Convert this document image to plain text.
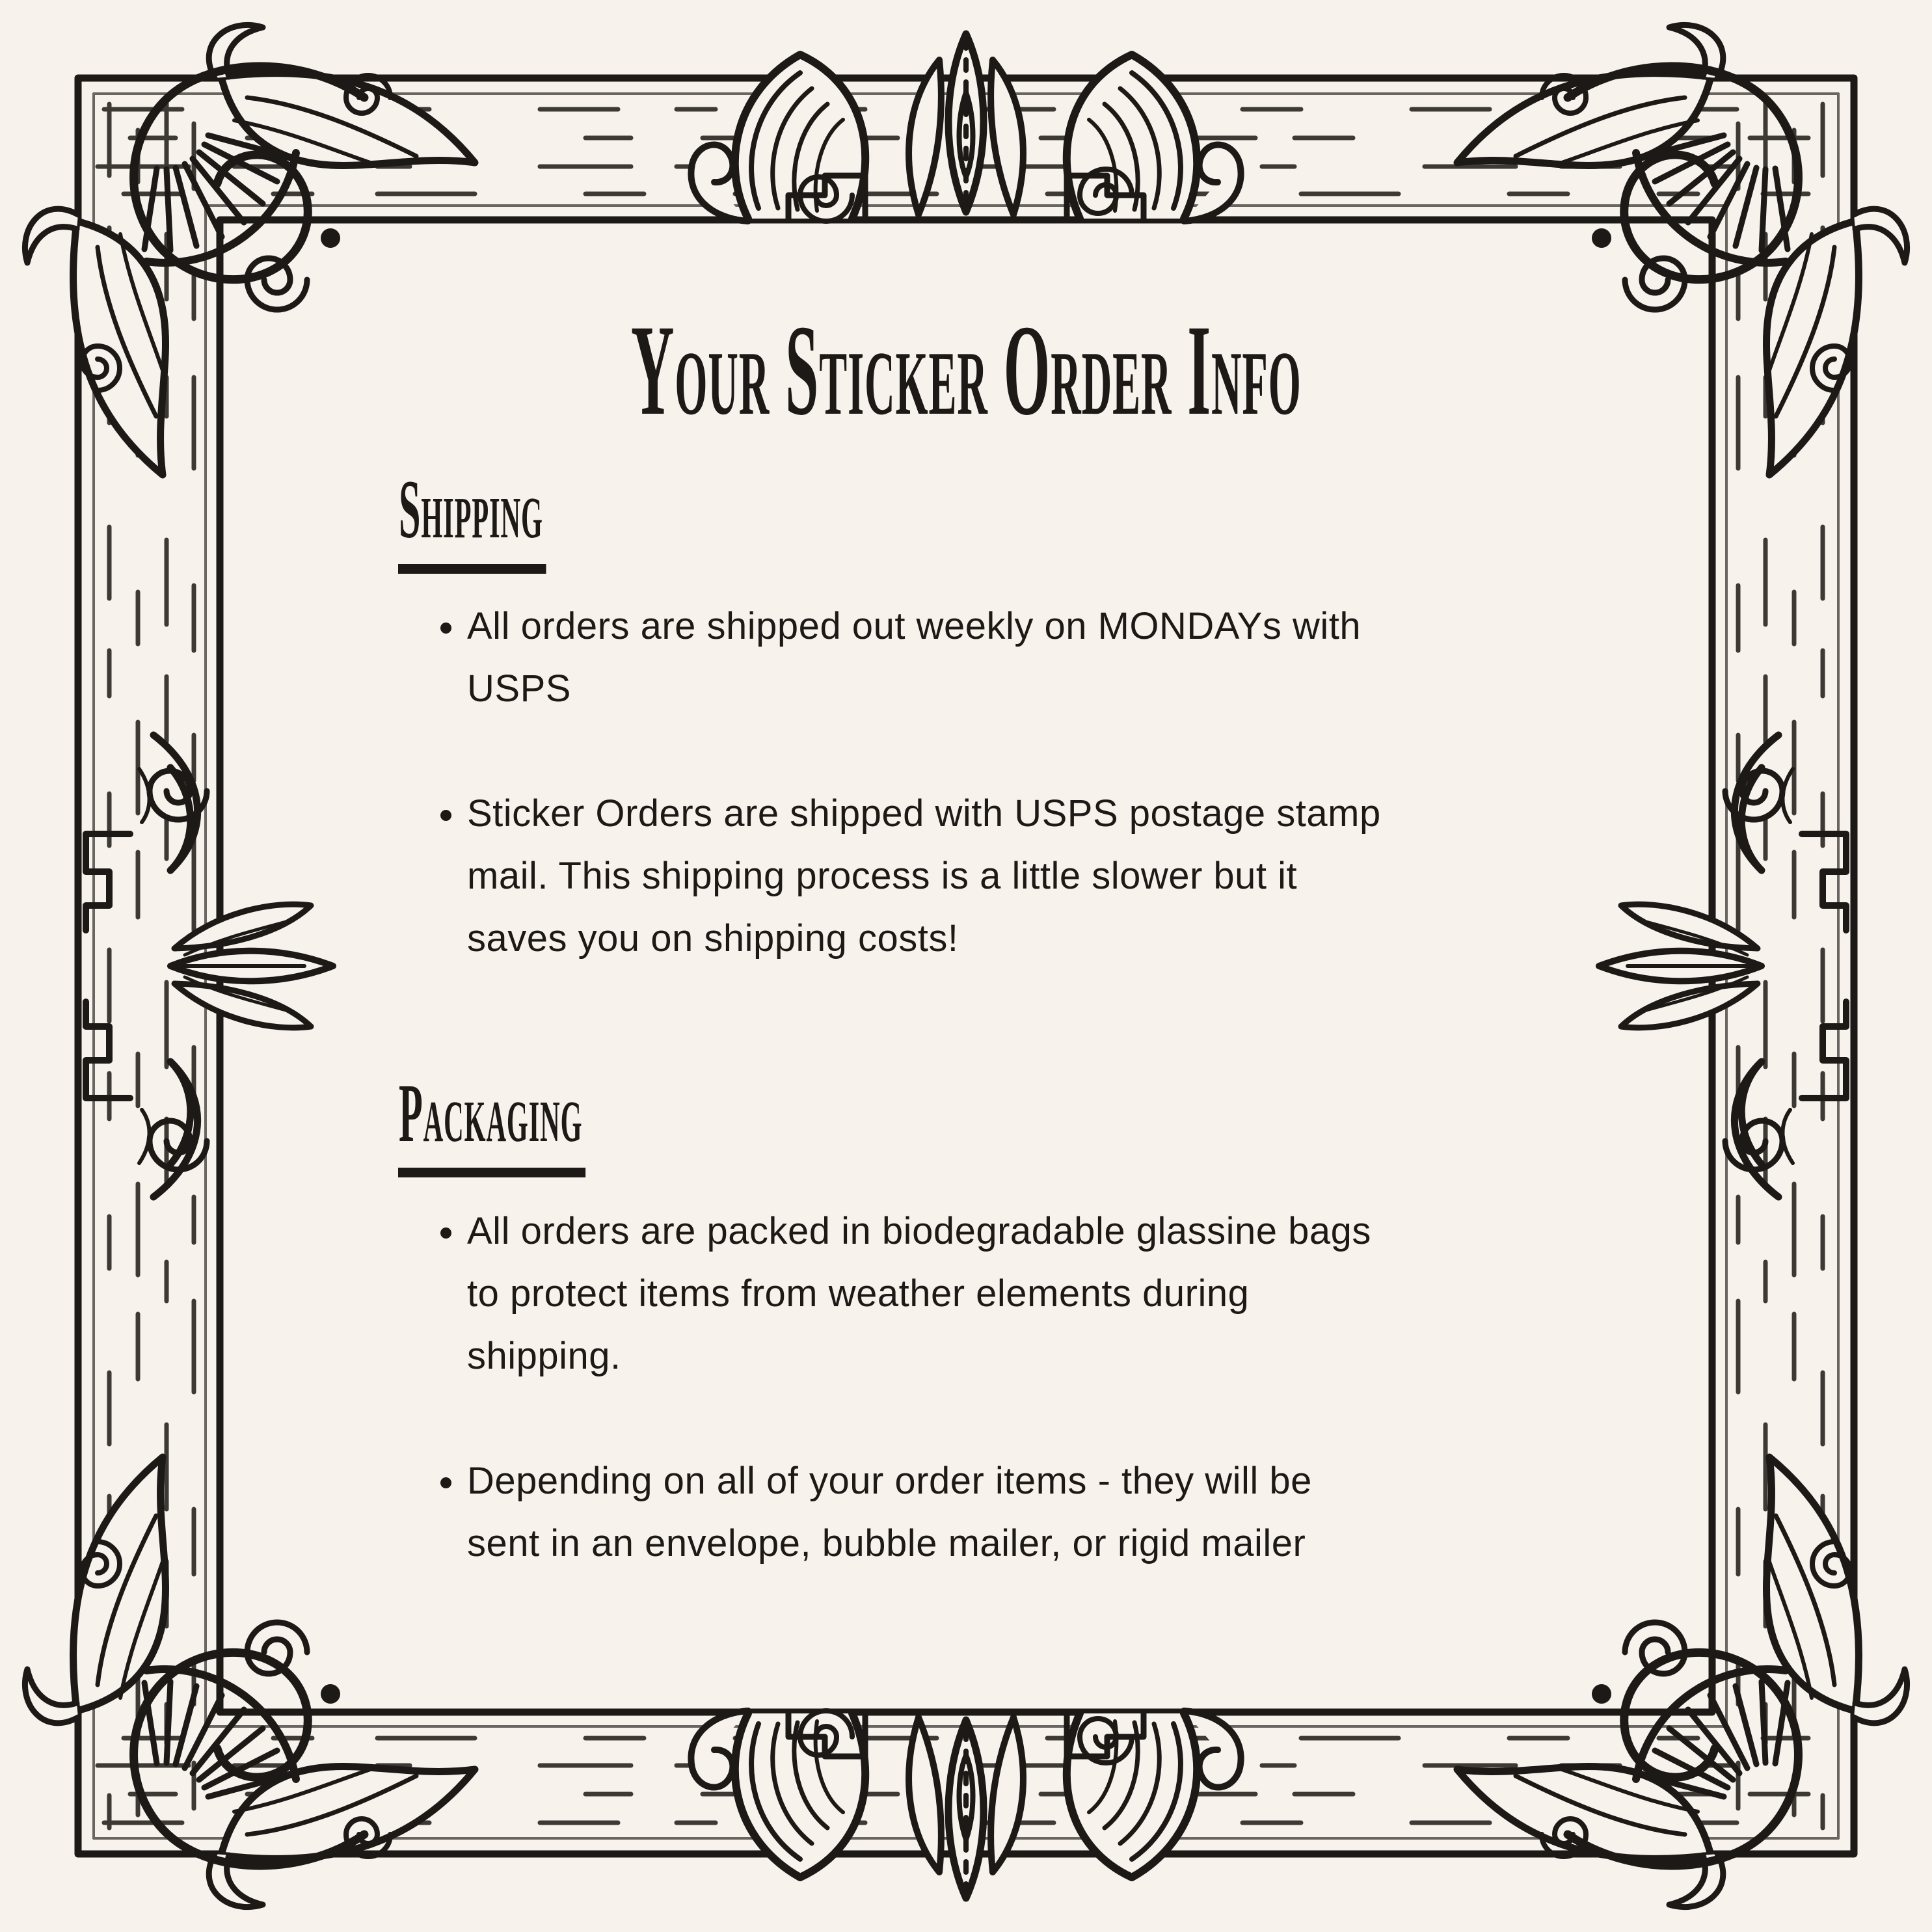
Your Sticker Order Info
Shipping
• All orders are shipped out weekly on MONDAYs with
USPS
• Sticker Orders are shipped with USPS postage stamp
mail. This shipping process is a little slower but it
saves you on shipping costs!
Packaging
• All orders are packed in biodegradable glassine bags
to protect items from weather elements during
shipping.
• Depending on all of your order items - they will be
sent in an envelope, bubble mailer, or rigid mailer
